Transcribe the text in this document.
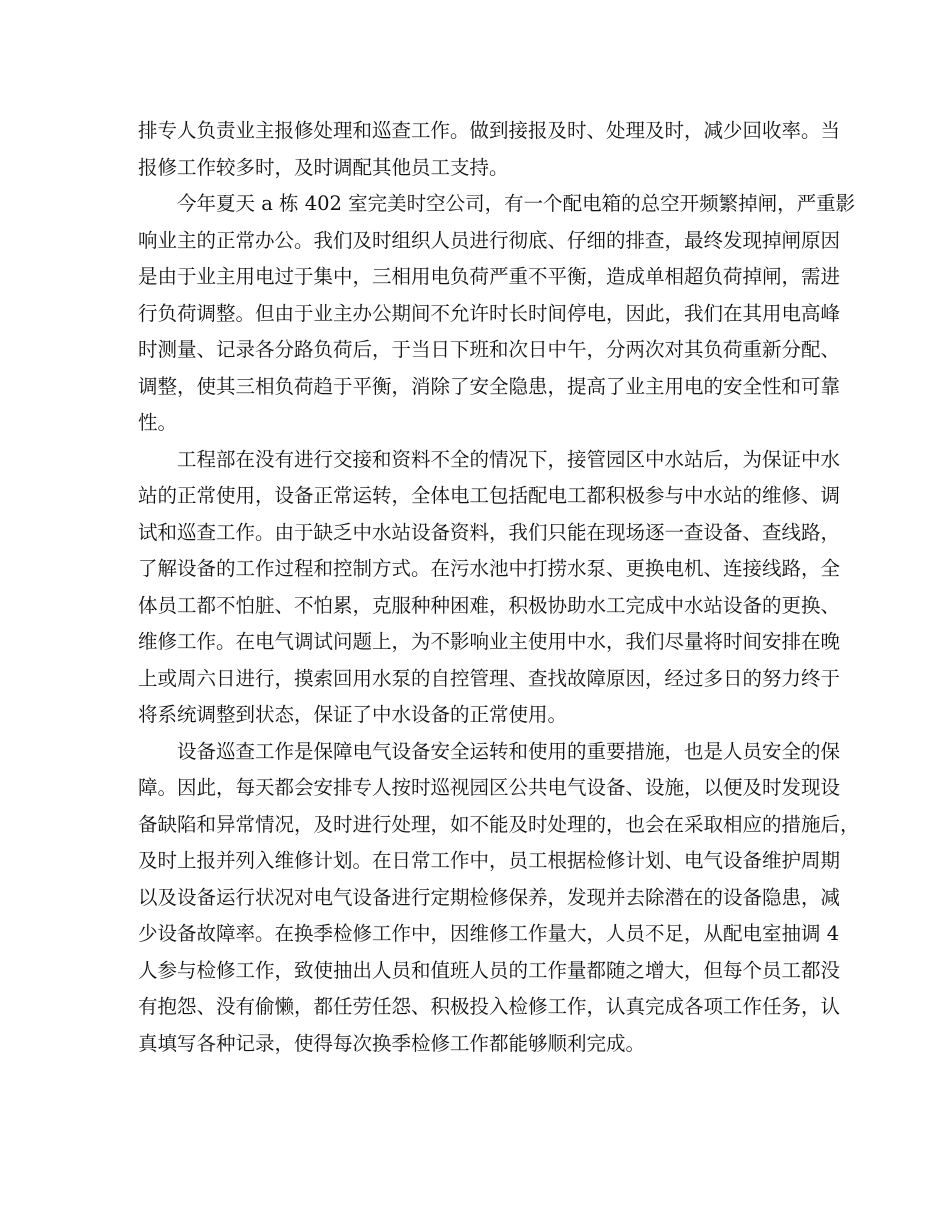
排专人负责业主报修处理和巡查工作。做到接报及时、处理及时，减少回收率。当
报修工作较多时，及时调配其他员工支持。
今年夏天 a 栋 402 室完美时空公司，有一个配电箱的总空开频繁掉闸，严重影
响业主的正常办公。我们及时组织人员进行彻底、仔细的排查，最终发现掉闸原因
是由于业主用电过于集中，三相用电负荷严重不平衡，造成单相超负荷掉闸，需进
行负荷调整。但由于业主办公期间不允许时长时间停电，因此，我们在其用电高峰
时测量、记录各分路负荷后，于当日下班和次日中午，分两次对其负荷重新分配、
调整，使其三相负荷趋于平衡，消除了安全隐患，提高了业主用电的安全性和可靠
性。
工程部在没有进行交接和资料不全的情况下，接管园区中水站后，为保证中水
站的正常使用，设备正常运转，全体电工包括配电工都积极参与中水站的维修、调
试和巡查工作。由于缺乏中水站设备资料，我们只能在现场逐一查设备、查线路，
了解设备的工作过程和控制方式。在污水池中打捞水泵、更换电机、连接线路，全
体员工都不怕脏、不怕累，克服种种困难，积极协助水工完成中水站设备的更换、
维修工作。在电气调试问题上，为不影响业主使用中水，我们尽量将时间安排在晚
上或周六日进行，摸索回用水泵的自控管理、查找故障原因，经过多日的努力终于
将系统调整到状态，保证了中水设备的正常使用。
设备巡查工作是保障电气设备安全运转和使用的重要措施，也是人员安全的保
障。因此，每天都会安排专人按时巡视园区公共电气设备、设施，以便及时发现设
备缺陷和异常情况，及时进行处理，如不能及时处理的，也会在采取相应的措施后，
及时上报并列入维修计划。在日常工作中，员工根据检修计划、电气设备维护周期
以及设备运行状况对电气设备进行定期检修保养，发现并去除潜在的设备隐患，减
少设备故障率。在换季检修工作中，因维修工作量大，人员不足，从配电室抽调 4
人参与检修工作，致使抽出人员和值班人员的工作量都随之增大，但每个员工都没
有抱怨、没有偷懒，都任劳任怨、积极投入检修工作，认真完成各项工作任务，认
真填写各种记录，使得每次换季检修工作都能够顺利完成。
